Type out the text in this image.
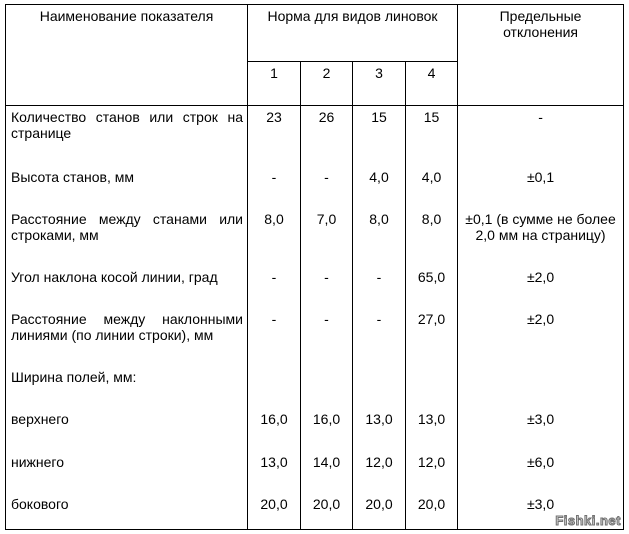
Наименование показателя	Норма для видов линовок				Предельные отклонения
	1	2	3	4	
Количество станов или строк на странице	23	26	15	15	-
Высота станов, мм	-	-	4,0	4,0	±0,1
Расстояние между станами или строками, мм	8,0	7,0	8,0	8,0	±0,1 (в сумме не более 2,0 мм на страницу)
Угол наклона косой линии, град	-	-	-	65,0	±2,0
Расстояние между наклонными линиями (по линии строки), мм	-	-	-	27,0	±2,0
Ширина полей, мм:					
верхнего	16,0	16,0	13,0	13,0	±3,0
нижнего	13,0	14,0	12,0	12,0	±6,0
бокового	20,0	20,0	20,0	20,0	±3,0
Fishki.net
